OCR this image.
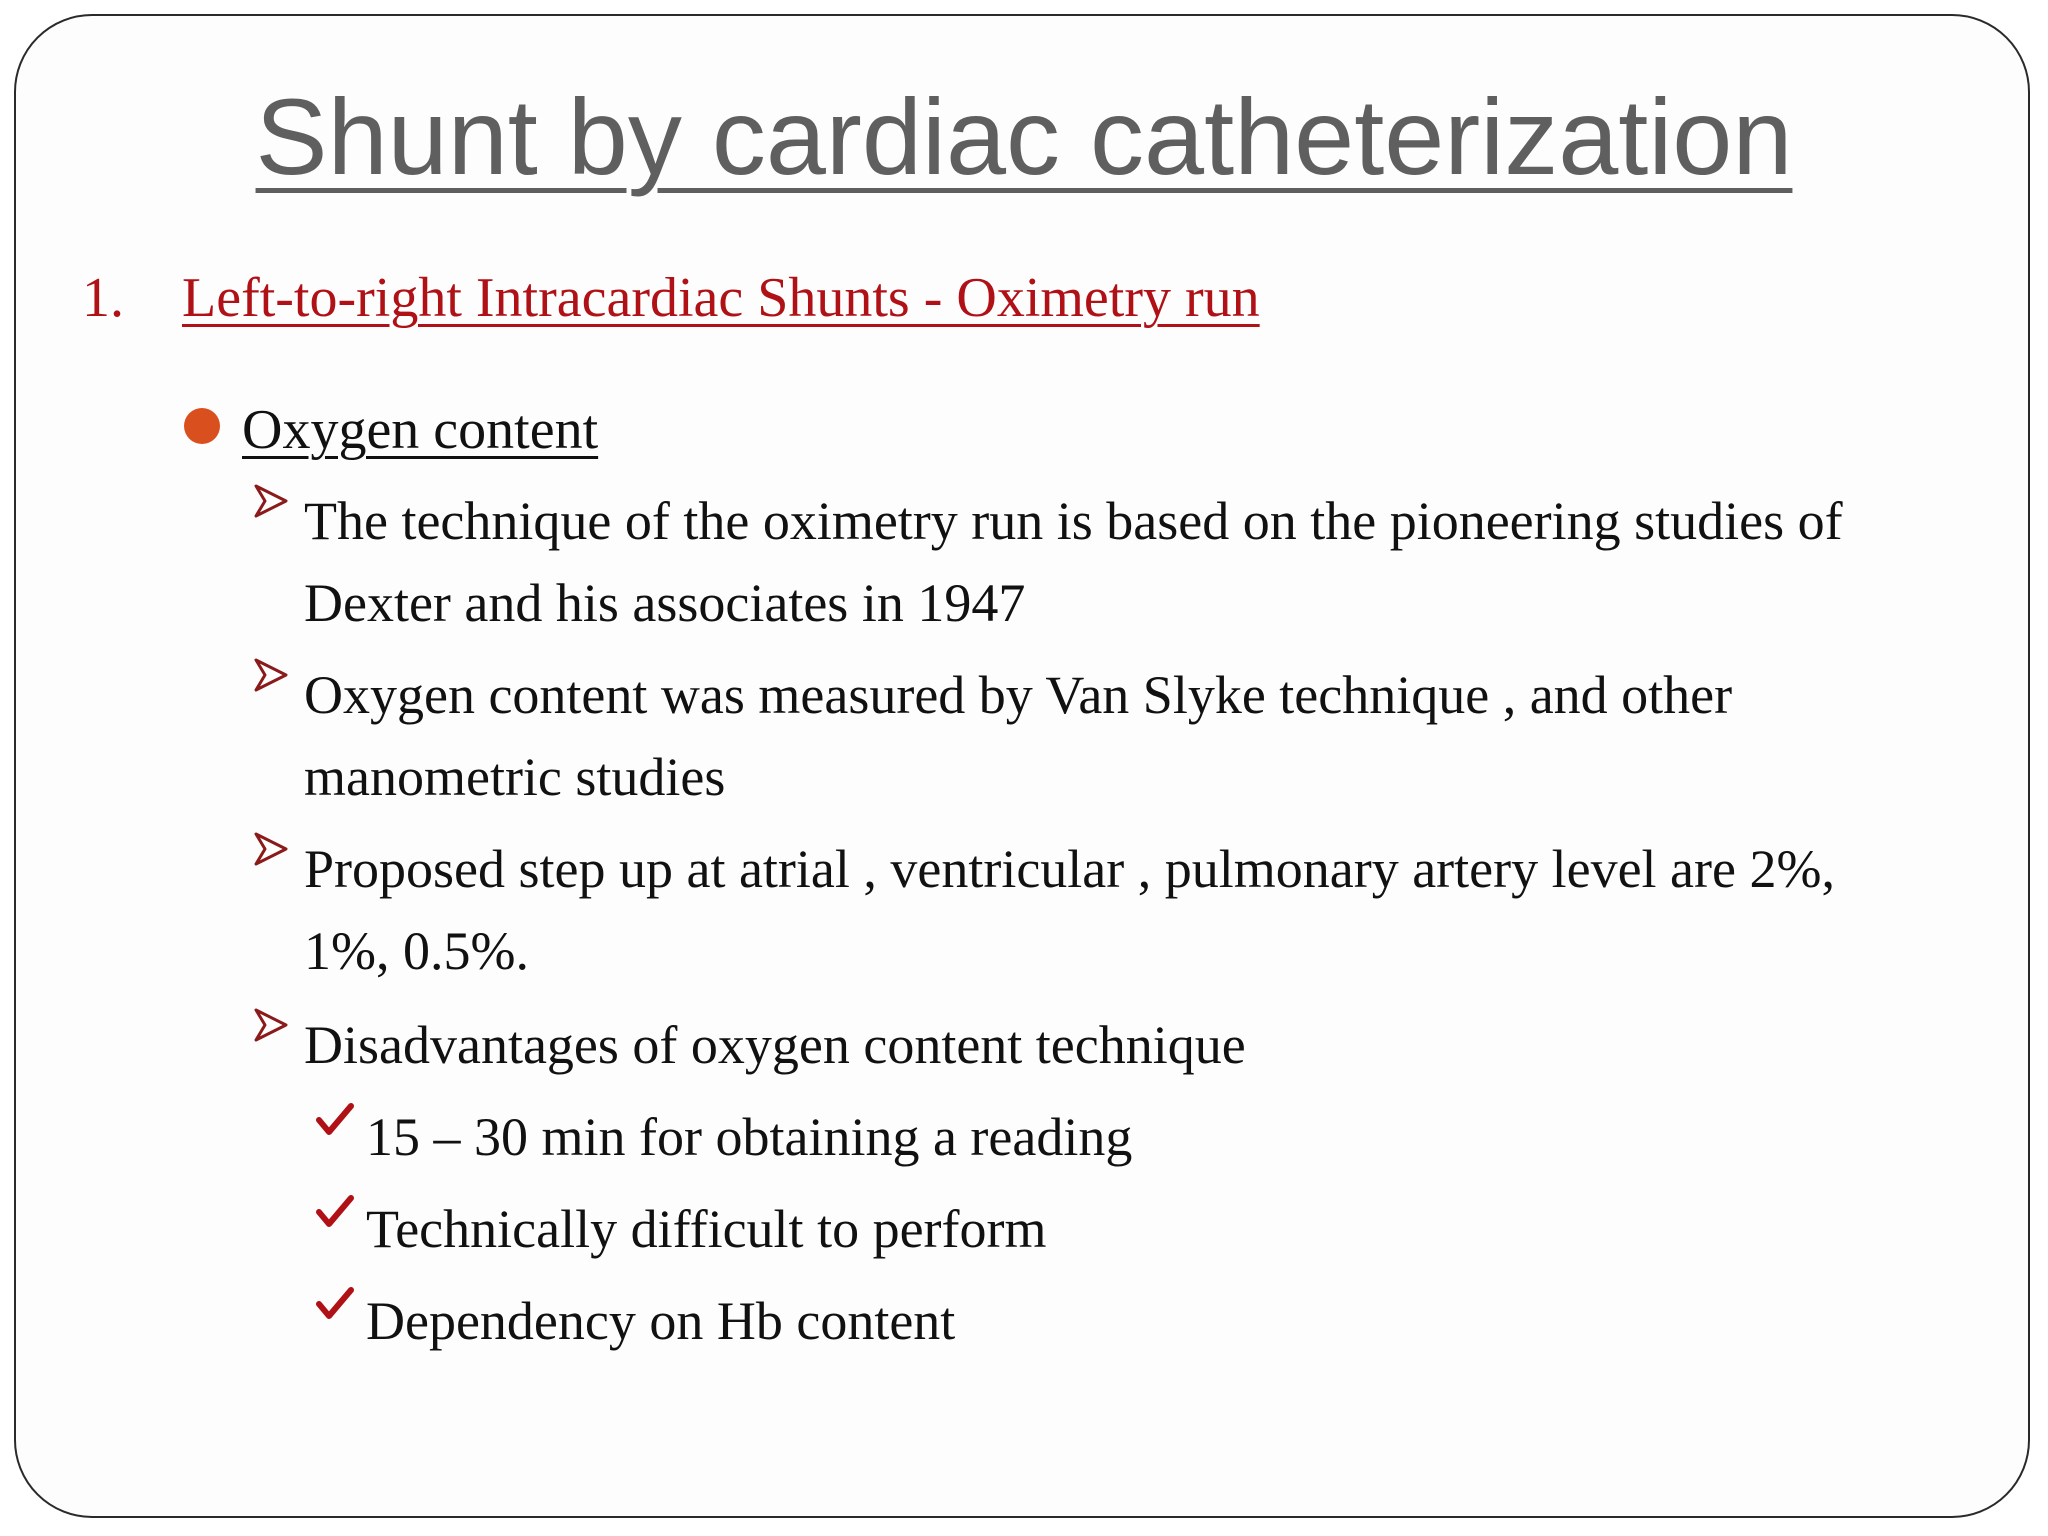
Shunt by cardiac catheterization
1. Left-to-right Intracardiac Shunts - Oximetry run
Oxygen content
The technique of the oximetry run is based on the pioneering studies of Dexter and his associates in 1947
Oxygen content was measured by Van Slyke technique , and other manometric studies
Proposed step up at atrial , ventricular , pulmonary artery level are 2%, 1%, 0.5%.
Disadvantages of oxygen content technique
15 – 30 min for obtaining a reading
Technically difficult to perform
Dependency on Hb content
